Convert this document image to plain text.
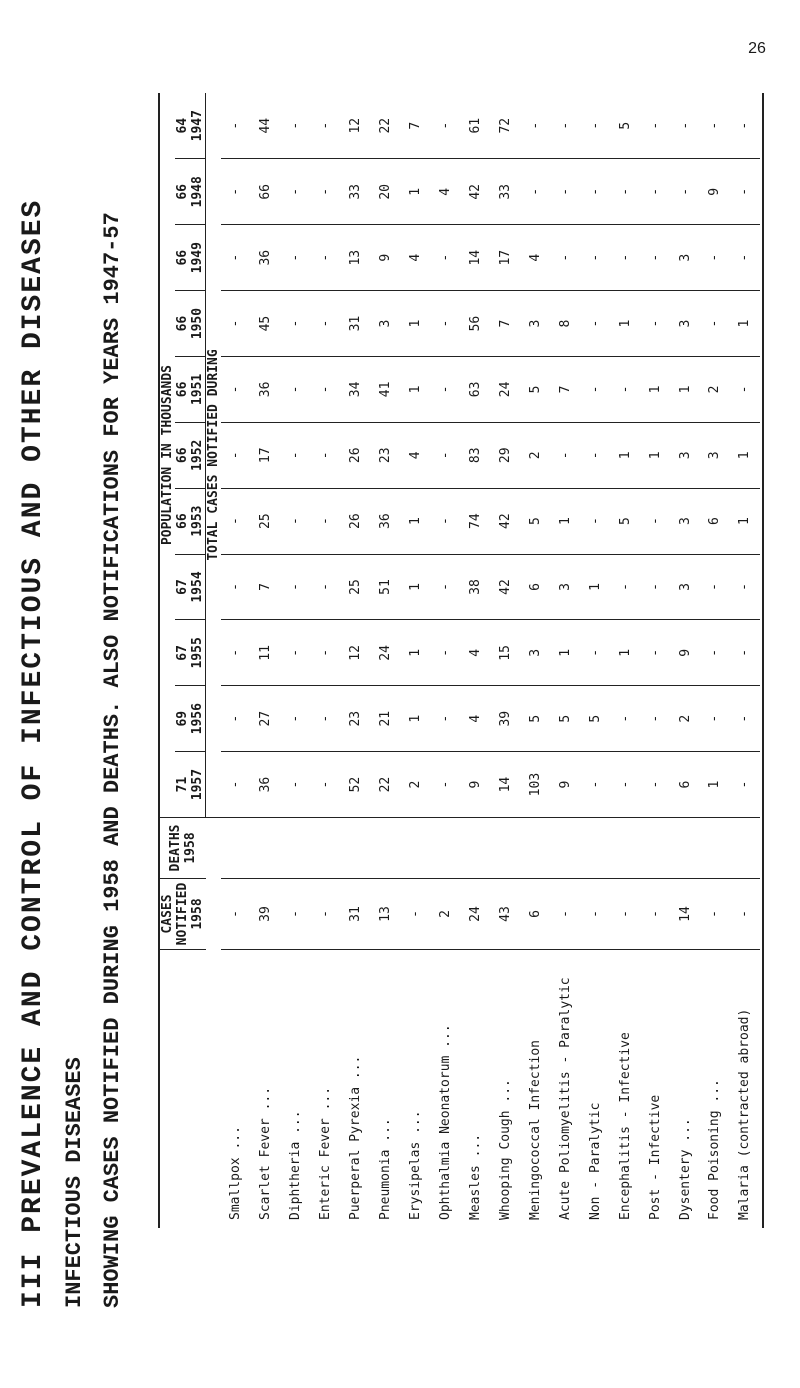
III PREVALENCE AND CONTROL OF INFECTIOUS AND OTHER DISEASES INFECTIOUS DISEASES SHOWING CASES NOTIFIED DURING 1958 AND DEATHS. ALSO NOTIFICATIONS FOR YEARS 1947-57
		CASES NOTIFIED 1958	DEATHS 1958	POPULATION IN THOUSANDS										
			71	69	67	67	66	66	66	66	66	66	64
			1957	1956	1955	1954	1953	1952	1951	1950	1949	1948	1947
			TOTAL CASES NOTIFIED DURING										
Smallpox ...	-		-	-	-	-	-	-	-	-	-	-	-
Scarlet Fever ...	39		36	27	11	7	25	17	36	45	36	66	44
Diphtheria ...	-		-	-	-	-	-	-	-	-	-	-	-
Enteric Fever ...	-		-	-	-	-	-	-	-	-	-	-	-
Puerperal Pyrexia ...	31		52	23	12	25	26	26	34	31	13	33	12
Pneumonia ...	13		22	21	24	51	36	23	41	3	9	20	22
Erysipelas ...	-		2	1	1	1	1	4	1	1	4	1	7
Ophthalmia Neonatorum ...	2		-	-	-	-	-	-	-	-	-	4	-
Measles ...	24		9	4	4	38	74	83	63	56	14	42	61
Whooping Cough ...	43		14	39	15	42	42	29	24	7	17	33	72
Meningococcal Infection	6		103	5	3	6	5	2	5	3	4	-	-
Acute Poliomyelitis - Paralytic	-		9	5	1	3	1	-	7	8	-	-	-
Non - Paralytic	-		-	5	-	1	-	-	-	-	-	-	-
Encephalitis - Infective	-		-	-	1	-	5	1	-	1	-	-	5
Post - Infective	-		-	-	-	-	-	1	1	-	-	-	-
Dysentery ...	14		6	2	9	3	3	3	1	3	3	-	-
Food Poisoning ...	-		1	-	-	-	6	3	2	-	-	9	-
Malaria (contracted abroad)	-		-	-	-	-	1	1	-	1	-	-	-
26
